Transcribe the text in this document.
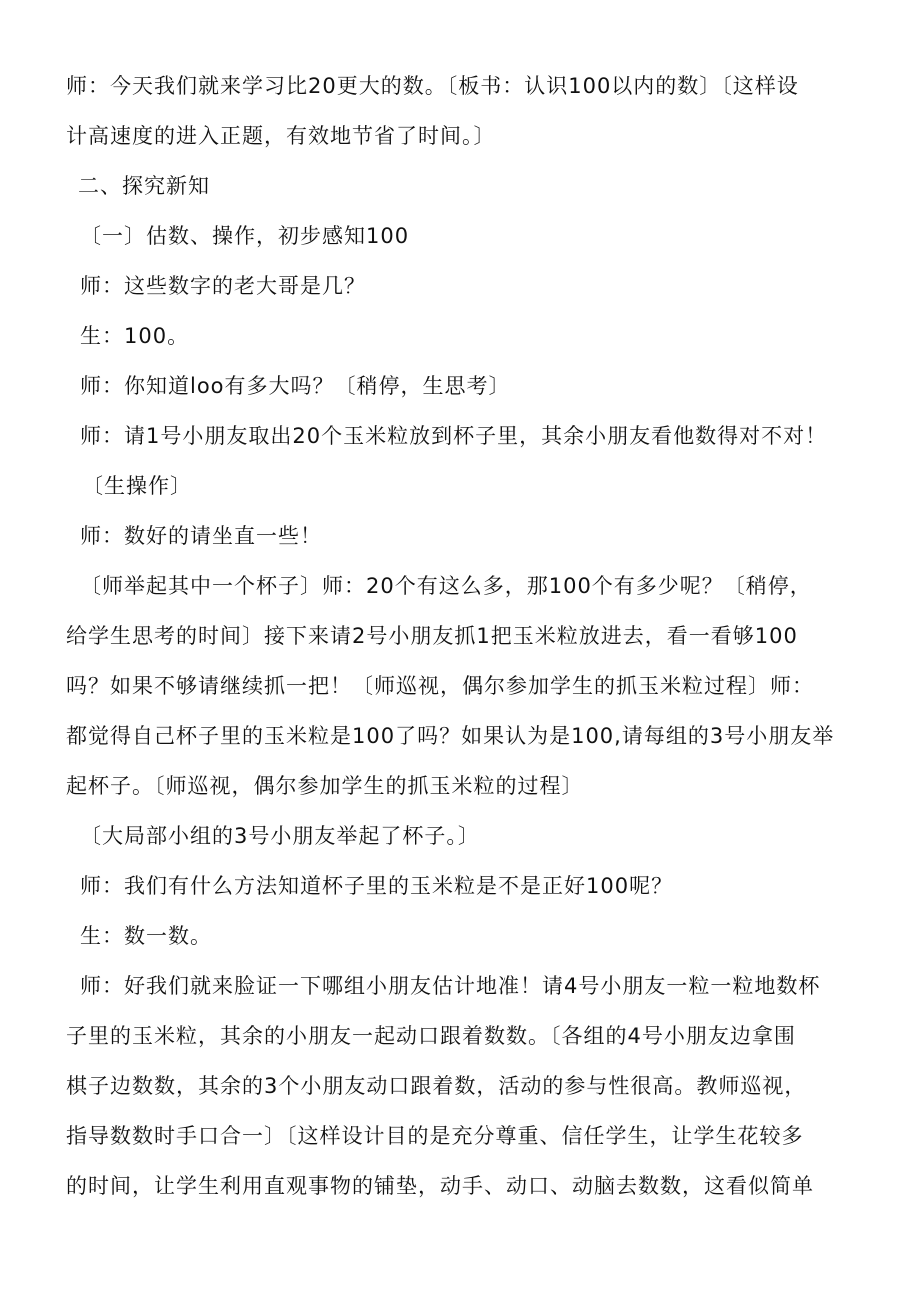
师：今天我们就来学习比20更大的数。〔板书：认识100以内的数〕〔这样设
计高速度的进入正题，有效地节省了时间。〕
二、探究新知
〔一〕估数、操作，初步感知100
师：这些数字的老大哥是几？
生：100。
师：你知道loo有多大吗？〔稍停，生思考〕
师：请1号小朋友取出20个玉米粒放到杯子里，其余小朋友看他数得对不对！
〔生操作〕
师：数好的请坐直一些！
〔师举起其中一个杯子〕师：20个有这么多，那100个有多少呢？〔稍停，
给学生思考的时间〕接下来请2号小朋友抓1把玉米粒放进去，看一看够100
吗？如果不够请继续抓一把！〔师巡视，偶尔参加学生的抓玉米粒过程〕师：
都觉得自己杯子里的玉米粒是100了吗？如果认为是100,请每组的3号小朋友举
起杯子。〔师巡视，偶尔参加学生的抓玉米粒的过程〕
〔大局部小组的3号小朋友举起了杯子。〕
师：我们有什么方法知道杯子里的玉米粒是不是正好100呢？
生：数一数。
师：好我们就来脸证一下哪组小朋友估计地准！请4号小朋友一粒一粒地数杯
子里的玉米粒，其余的小朋友一起动口跟着数数。〔各组的4号小朋友边拿围
棋子边数数，其余的3个小朋友动口跟着数，活动的参与性很高。教师巡视，
指导数数时手口合一〕〔这样设计目的是充分尊重、信任学生，让学生花较多
的时间，让学生利用直观事物的铺垫，动手、动口、动脑去数数，这看似简单
